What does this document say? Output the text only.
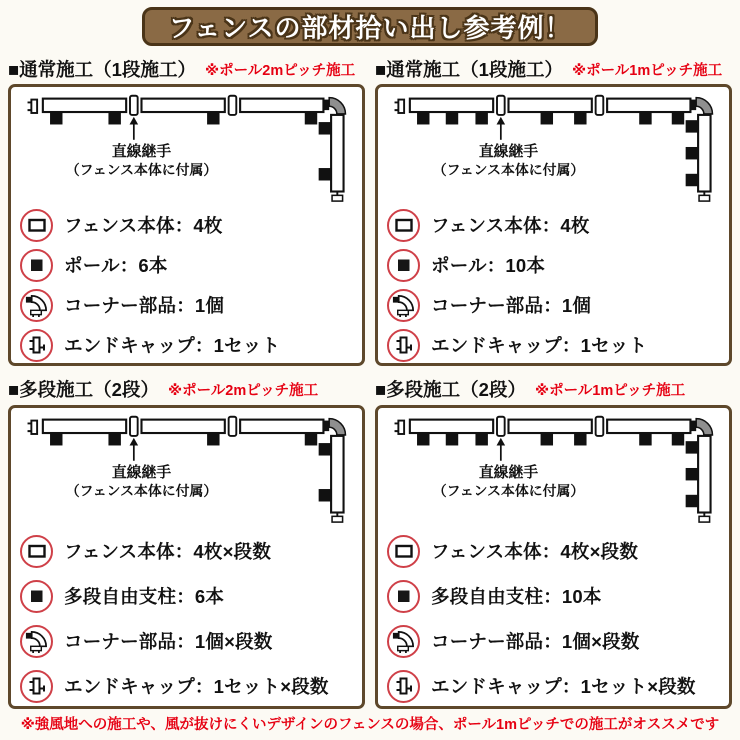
フェンスの部材拾い出し参考例！
■通常施工（1段施工） ※ポール2mピッチ施工
直線継手
（フェンス本体に付属）
フェンス本体：4枚
ポール：6本
コーナー部品：1個
エンドキャップ：1セット
■通常施工（1段施工） ※ポール1mピッチ施工
直線継手
（フェンス本体に付属）
フェンス本体：4枚
ポール：10本
コーナー部品：1個
エンドキャップ：1セット
■多段施工（2段） ※ポール2mピッチ施工
直線継手
（フェンス本体に付属）
フェンス本体：4枚×段数
多段自由支柱：6本
コーナー部品：1個×段数
エンドキャップ：1セット×段数
■多段施工（2段） ※ポール1mピッチ施工
直線継手
（フェンス本体に付属）
フェンス本体：4枚×段数
多段自由支柱：10本
コーナー部品：1個×段数
エンドキャップ：1セット×段数
※強風地への施工や、風が抜けにくいデザインのフェンスの場合、ポール1mピッチでの施工がオススメです
